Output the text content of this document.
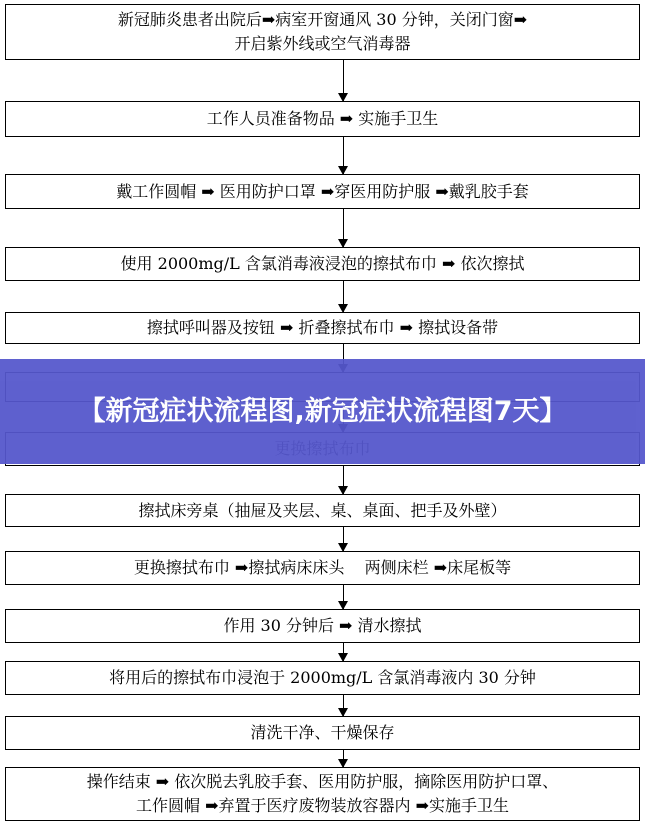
新冠肺炎患者出院后➡病室开窗通风 30 分钟，关闭门窗➡
开启紫外线或空气消毒器
工作人员准备物品 ➡ 实施手卫生
戴工作圆帽 ➡ 医用防护口罩 ➡穿医用防护服 ➡戴乳胶手套
使用 2000mg/L 含氯消毒液浸泡的擦拭布巾 ➡ 依次擦拭
擦拭呼叫器及按钮 ➡ 折叠擦拭布巾 ➡ 擦拭设备带
擦拭床旁桌（抽屉及夹层、桌、桌面、把手及外壁）
更换擦拭布巾 ➡擦拭病床床头    两侧床栏 ➡床尾板等
作用 30 分钟后 ➡ 清水擦拭
将用后的擦拭布巾浸泡于 2000mg/L 含氯消毒液内 30 分钟
清洗干净、干燥保存
操作结束 ➡ 依次脱去乳胶手套、医用防护服，摘除医用防护口罩、
工作圆帽 ➡弃置于医疗废物装放容器内 ➡实施手卫生
【新冠症状流程图,新冠症状流程图7天】
